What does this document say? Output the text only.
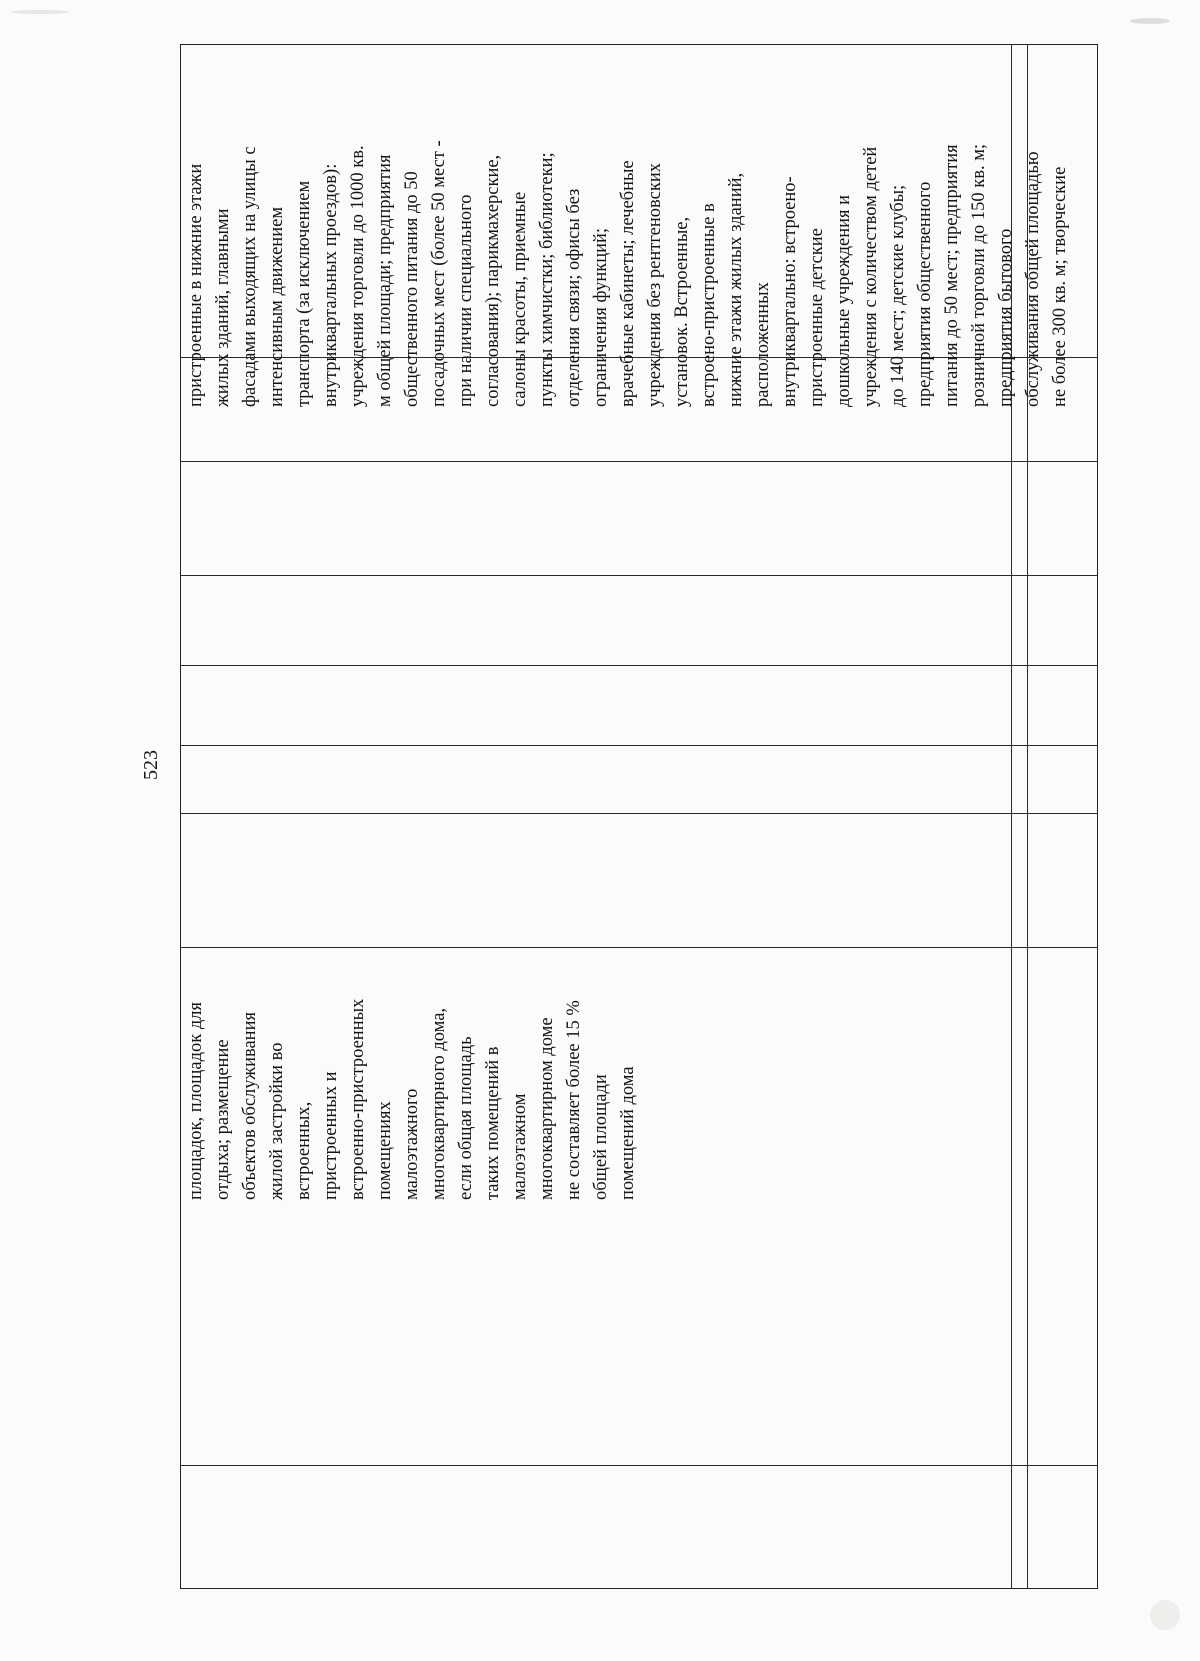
523
пристроенные в нижние этажи жилых зданий, главными фасадами выходящих на улицы с интенсивным движением транспорта (за исключением внутриквартальных проездов): учреждения торговли до 1000 кв. м общей площади; предприятия общественного питания до 50 посадочных мест (более 50 мест - при наличии специального согласования); парикмахерские, салоны красоты, приемные пункты химчистки; библиотеки; отделения связи; офисы без ограничения функций; врачебные кабинеты; лечебные учреждения без рентгеновских установок. Встроенные, встроено-пристроенные в нижние этажи жилых зданий, расположенных внутриквартально: встроено- пристроенные детские дошкольные учреждения и учреждения с количеством детей до 140 мест; детские клубы; предприятия общественного питания до 50 мест; предприятия розничной торговли до 150 кв. м; предприятия бытового обслуживания общей площадью не более 300 кв. м; творческие
площадок, площадок для отдыха; размещение объектов обслуживания жилой застройки во встроенных, пристроенных и встроенно-пристроенных помещениях малоэтажного многоквартирного дома, если общая площадь таких помещений в малоэтажном многоквартирном доме не составляет более 15 % общей площади помещений дома
